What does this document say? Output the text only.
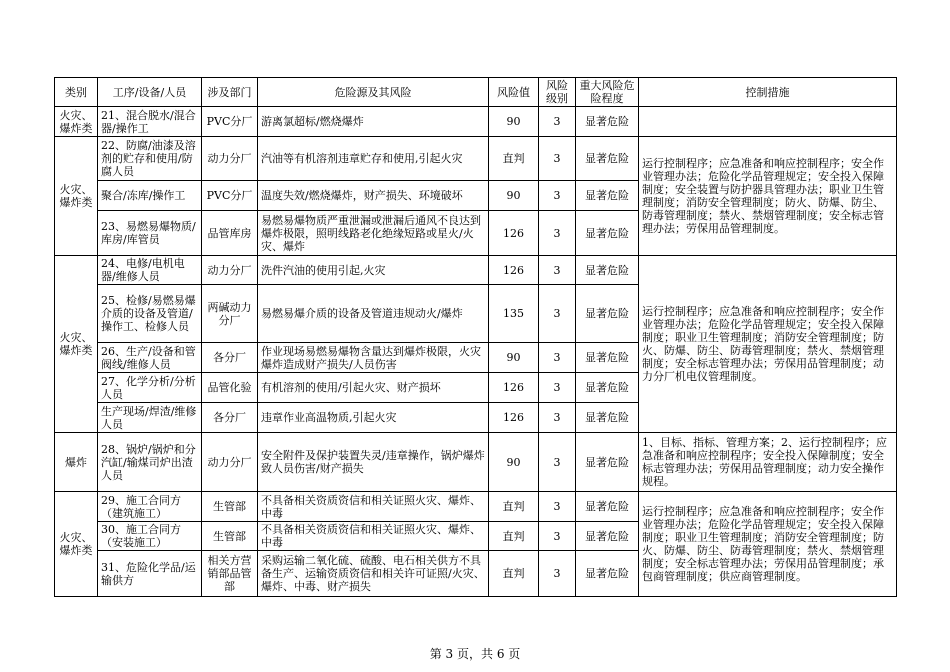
类别	工序/设备/人员	涉及部门	危险源及其风险	风险值	风险级别	重大风险危险程度	控制措施
火灾、爆炸类	21、混合脱水/混合器/操作工	PVC分厂	游离氯超标/燃烧爆炸	90	3	显著危险	
火灾、爆炸类	22、防腐/油漆及溶剂的贮存和使用/防腐人员	动力分厂	汽油等有机溶剂违章贮存和使用,引起火灾	直判	3	显著危险	运行控制程序；应急准备和响应控制程序；安全作业管理办法；危险化学品管理规定；安全投入保障制度；安全装置与防护器具管理办法；职业卫生管理制度；消防安全管理制度；防火、防爆、防尘、防毒管理制度；禁火、禁烟管理制度；安全标志管理办法；劳保用品管理制度。
	聚合/冻库/操作工	PVC分厂	温度失效/燃烧爆炸，财产损失、环境破坏	90	3	显著危险	
	23、易燃易爆物质/库房/库管员	品管库房	易燃易爆物质严重泄漏或泄漏后通风不良达到爆炸极限，照明线路老化绝缘短路或星火/火灾、爆炸	126	3	显著危险	
火灾、爆炸类	24、电修/电机电器/维修人员	动力分厂	洗件汽油的使用引起,火灾	126	3	显著危险	运行控制程序；应急准备和响应控制程序；安全作业管理办法；危险化学品管理规定；安全投入保障制度；职业卫生管理制度；消防安全管理制度；防火、防爆、防尘、防毒管理制度；禁火、禁烟管理制度；安全标志管理办法；劳保用品管理制度；动力分厂机电仪管理制度。
	25、检修/易燃易爆介质的设备及管道/操作工、检修人员	两碱动力分厂	易燃易爆介质的设备及管道违规动火/爆炸	135	3	显著危险	
	26、生产/设备和管阀线/维修人员	各分厂	作业现场易燃易爆物含量达到爆炸极限，火灾爆炸造成财产损失/人员伤害	90	3	显著危险	
	27、化学分析/分析人员	品管化验	有机溶剂的使用/引起火灾、财产损坏	126	3	显著危险	
	生产现场/焊渣/维修人员	各分厂	违章作业高温物质,引起火灾	126	3	显著危险	
爆炸	28、锅炉/锅炉和分汽缸/输煤司炉出渣人员	动力分厂	安全附件及保护装置失灵/违章操作，锅炉爆炸致人员伤害/财产损失	90	3	显著危险	1、目标、指标、管理方案；2、运行控制程序；应急准备和响应控制程序；安全投入保障制度；安全标志管理办法；劳保用品管理制度；动力安全操作规程。
火灾、爆炸类	29、施工合同方（建筑施工）	生管部	不具备相关资质资信和相关证照火灾、爆炸、中毒	直判	3	显著危险	运行控制程序；应急准备和响应控制程序；安全作业管理办法；危险化学品管理规定；安全投入保障制度；职业卫生管理制度；消防安全管理制度；防火、防爆、防尘、防毒管理制度；禁火、禁烟管理制度；安全标志管理办法；劳保用品管理制度；承包商管理制度；供应商管理制度。
	30、施工合同方（安装施工）	生管部	不具备相关资质资信和相关证照火灾、爆炸、中毒	直判	3	显著危险	
	31、危险化学品/运输供方	相关方营销部品管部	采购运输二氧化硫、硫酸、电石相关供方不具备生产、运输资质资信和相关许可证照/火灾、爆炸、中毒、财产损失	直判	3	显著危险	
第 3 页，共 6 页
